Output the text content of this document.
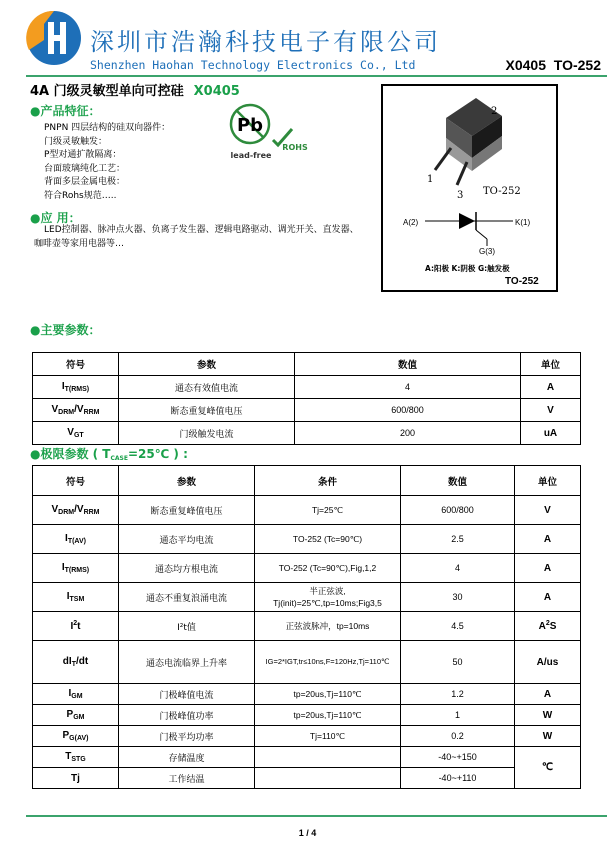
深圳市浩瀚科技电子有限公司
Shenzhen Haohan Technology Electronics Co., Ltd	X0405 TO-252
4A 门级灵敏型单向可控硅 X0405
●产品特征：
PNPN 四层结构的硅双向器件：
门级灵敏触发：
P型对通扩散隔离：
台面玻璃纯化工艺：
背面多层金属电极：
符合Rohs规范…..
Pb
lead-free
ROHS
●应 用：
LED控制器、脉冲点火器、负离子发生器、逻辑电路驱动、调光开关、直发器、咖啡壶等家用电器等…
2
1
3 TO-252
A(2)	K(1)
G(3)
A:阳极 K:阴极 G:触发极
TO-252
●主要参数：
符号	参数	数值	单位
$I_{T(RMS)}$	通态有效值电流	4	A
$V_{DRM}/V_{RRM}$	断态重复峰值电压	600/800	V
$V_{GT}$	门级触发电流	200	uA
●极限参数 ( TCASE=25℃ ) :
符号	参数	条件	数值	单位
$V_{DRM}/V_{RRM}$	断态重复峰值电压	Tj=25℃	600/800	V
$I_{T(AV)}$	通态平均电流	TO-252 (Tc=90℃)	2.5	A
$I_{T(RMS)}$	通态均方根电流	TO-252 (Tc=90℃),Fig,1,2	4	A
$I_{TSM}$	通态不重复浪涌电流	半正弦波,
Tj(init)=25℃,tp=10ms;Fig3,5	30	A
$I^2t$	I²t值	正弦波脉冲，tp=10ms	4.5	$A^2S$
$dI_T/dt$	通态电流临界上升率	IG=2*IGT,tr≤10ns,F=120Hz,Tj=110℃	50	A/us
$I_{GM}$	门极峰值电流	tp=20us,Tj=110℃	1.2	A
$P_{GM}$	门极峰值功率	tp=20us,Tj=110℃	1	W
$P_{G(AV)}$	门极平均功率	Tj=110℃	0.2	W
$T_{STG}$	存储温度		-40~+150	℃
Tj	工作结温		-40~+110	
1 / 4
